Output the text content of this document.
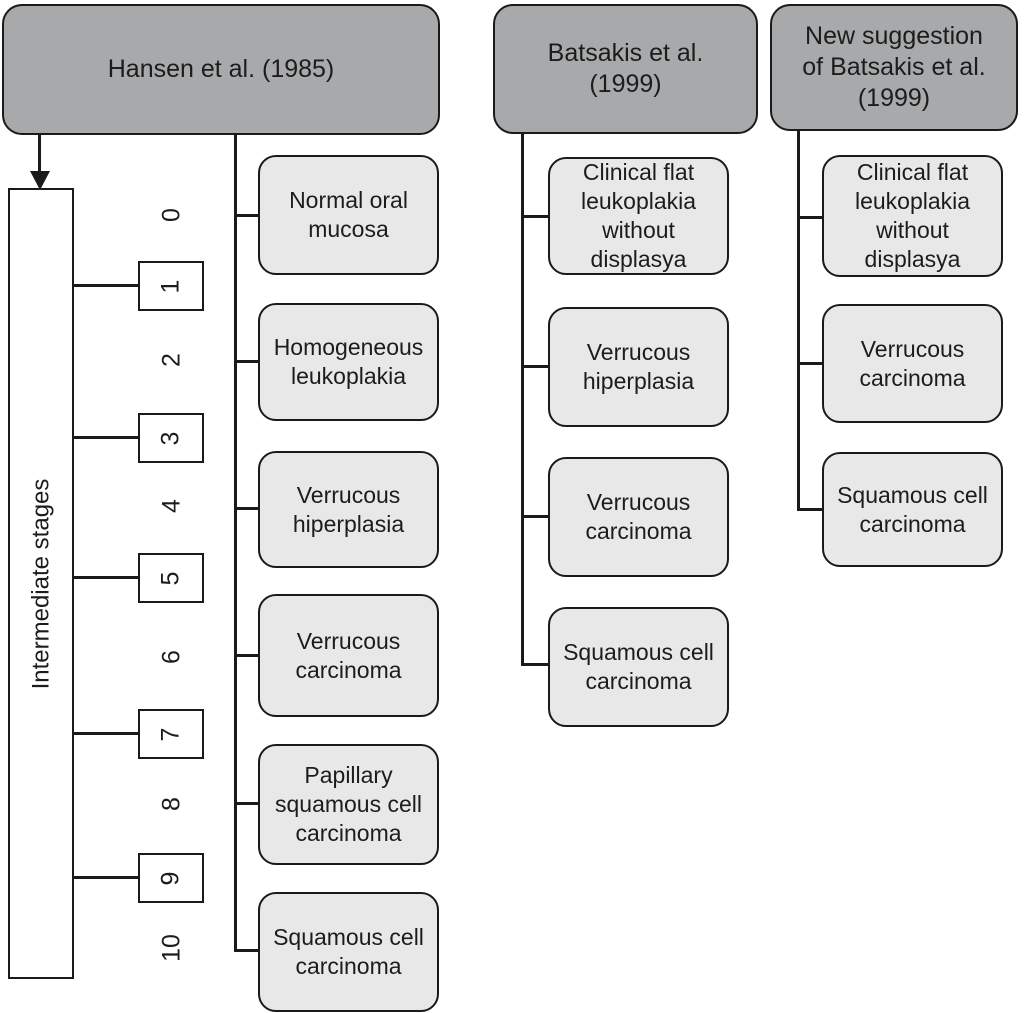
Hansen et al. (1985)
Intermediate stages
1
3
5
7
9
0
2
4
6
8
10
Normal oral mucosa
Homogeneous leukoplakia
Verrucous hiperplasia
Verrucous carcinoma
Papillary squamous cell carcinoma
Squamous cell carcinoma
Batsakis et al.
(1999)
Clinical flat leukoplakia without displasya
Verrucous hiperplasia
Verrucous carcinoma
Squamous cell carcinoma
New suggestion
of Batsakis et al.
(1999)
Clinical flat leukoplakia without displasya
Verrucous carcinoma
Squamous cell carcinoma
